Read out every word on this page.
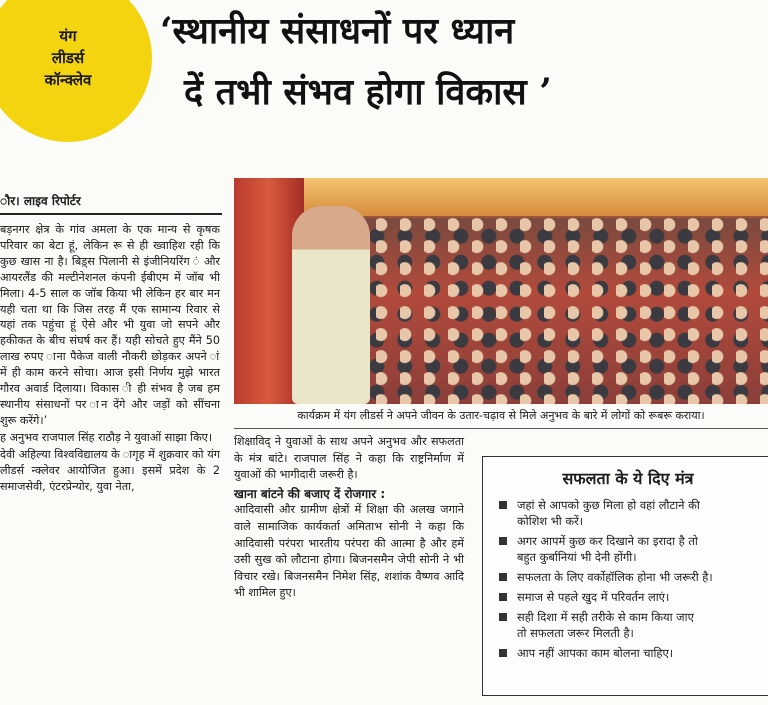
यंग
लीडर्स
कॉन्क्लेव
‘स्थानीय संसाधनों पर ध्यान
दें तभी संभव होगा विकास ’
ौर। लाइव रिपोर्टर

बड़नगर क्षेत्र के गांव अमला के एक मान्य से कृषक परिवार का बेटा हूं, लेकिन रू से ही ख्वाहिश रही कि कुछ खास ना है। बिड़्स पिलानी से इंजीनियरिंग ं और आयरलैंड की मल्टीनेशनल कंपनी ईबीएम में जॉब भी मिला। 4-5 साल क जॉब किया भी लेकिन हर बार मन यही चता था कि जिस तरह मैं एक सामान्य रिवार से यहां तक पहुंचा हूं ऐसे और भी युवा जो सपने और हकीकत के बीच संघर्ष कर हैं। यही सोचते हुए मैंने 50 लाख रुपए ाना पैकेज वाली नौकरी छोड़कर अपने ां में ही काम करने सोचा। आज इसी निर्णय मुझे भारत गौरव अवार्ड दिलाया। विकास ी ही संभव है जब हम स्थानीय संसाधनों पर ान देंगे और जड़ों को सींचना शुरू करेंगे।’

ह अनुभव राजपाल सिंह राठौड़ ने युवाओं साझा किए।

देवी अहिल्या विश्वविद्यालय के ागृह में शुक्रवार को यंग लीडर्स न्क्लेवर आयोजित हुआ। इसमें प्रदेश के 2 समाजसेवी, एंटरप्रेन्योर, युवा नेता,

कार्यक्रम में यंग लीडर्स ने अपने जीवन के उतार-चढ़ाव से मिले अनुभव के बारे में लोगों को रूबरू कराया।

शिक्षाविद् ने युवाओं के साथ अपने अनुभव और सफलता के मंत्र बांटे। राजपाल सिंह ने कहा कि राष्ट्रनिर्माण में युवाओं की भागीदारी जरूरी है।

खाना बांटने की बजाए दें रोजगार :

आदिवासी और ग्रामीण क्षेत्रों में शिक्षा की अलख जगाने वाले सामाजिक कार्यकर्ता अमिताभ सोनी ने कहा कि आदिवासी परंपरा भारतीय परंपरा की आत्मा है और हमें उसी सुख को लौटाना होगा। बिजनसमैन जेपी सोनी ने भी विचार रखे। बिजनसमैन निमेश सिंह, शशांक वैष्णव आदि भी शामिल हुए।

सफलता के ये दिए मंत्र
जहां से आपको कुछ मिला हो वहां लौटाने की
कोशिश भी करें।
अगर आपमें कुछ कर दिखाने का इरादा है तो
बहुत कुर्बानियां भी देनी होंगी।
सफलता के लिए वर्कोहॉलिक होना भी जरूरी है।
समाज से पहले खुद में परिवर्तन लाएं।
सही दिशा में सही तरीके से काम किया जाए
तो सफलता जरूर मिलती है।
आप नहीं आपका काम बोलना चाहिए।
